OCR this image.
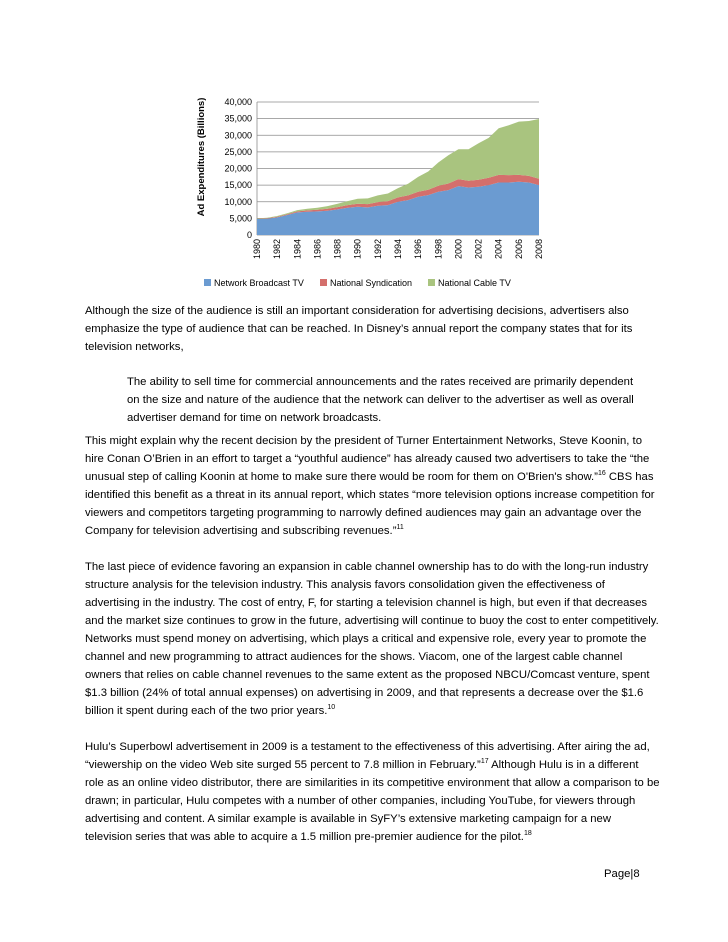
Ad Expenditures (Billions)
0
5,000
10,000
15,000
20,000
25,000
30,000
35,000
40,000
1980 1982 1984 1986 1988 1990 1992 1994 1996 1998 2000 2002 2004 2006 2008
Network Broadcast TV	National Syndication	National Cable TV

Although the size of the audience is still an important consideration for advertising decisions, advertisers also emphasize the type of audience that can be reached. In Disney’s annual report the company states that for its television networks,

The ability to sell time for commercial announcements and the rates received are primarily dependent on the size and nature of the audience that the network can deliver to the advertiser as well as overall advertiser demand for time on network broadcasts.

This might explain why the recent decision by the president of Turner Entertainment Networks, Steve Koonin, to hire Conan O’Brien in an effort to target a “youthful audience” has already caused two advertisers to take the “the unusual step of calling Koonin at home to make sure there would be room for them on O'Brien's show.”$^{16}$ CBS has identified this benefit as a threat in its annual report, which states “more television options increase competition for viewers and competitors targeting programming to narrowly defined audiences may gain an advantage over the Company for television advertising and subscribing revenues.”$^{11}$

The last piece of evidence favoring an expansion in cable channel ownership has to do with the long-run industry structure analysis for the television industry. This analysis favors consolidation given the effectiveness of advertising in the industry. The cost of entry, F, for starting a television channel is high, but even if that decreases and the market size continues to grow in the future, advertising will continue to buoy the cost to enter competitively. Networks must spend money on advertising, which plays a critical and expensive role, every year to promote the channel and new programming to attract audiences for the shows. Viacom, one of the largest cable channel owners that relies on cable channel revenues to the same extent as the proposed NBCU/Comcast venture, spent $1.3 billion (24% of total annual expenses) on advertising in 2009, and that represents a decrease over the $1.6 billion it spent during each of the two prior years.$^{10}$

Hulu’s Superbowl advertisement in 2009 is a testament to the effectiveness of this advertising. After airing the ad, “viewership on the video Web site surged 55 percent to 7.8 million in February.”$^{17}$ Although Hulu is in a different role as an online video distributor, there are similarities in its competitive environment that allow a comparison to be drawn; in particular, Hulu competes with a number of other companies, including YouTube, for viewers through advertising and content. A similar example is available in SyFY’s extensive marketing campaign for a new television series that was able to acquire a 1.5 million pre-premier audience for the pilot.$^{18}$

Page|8
